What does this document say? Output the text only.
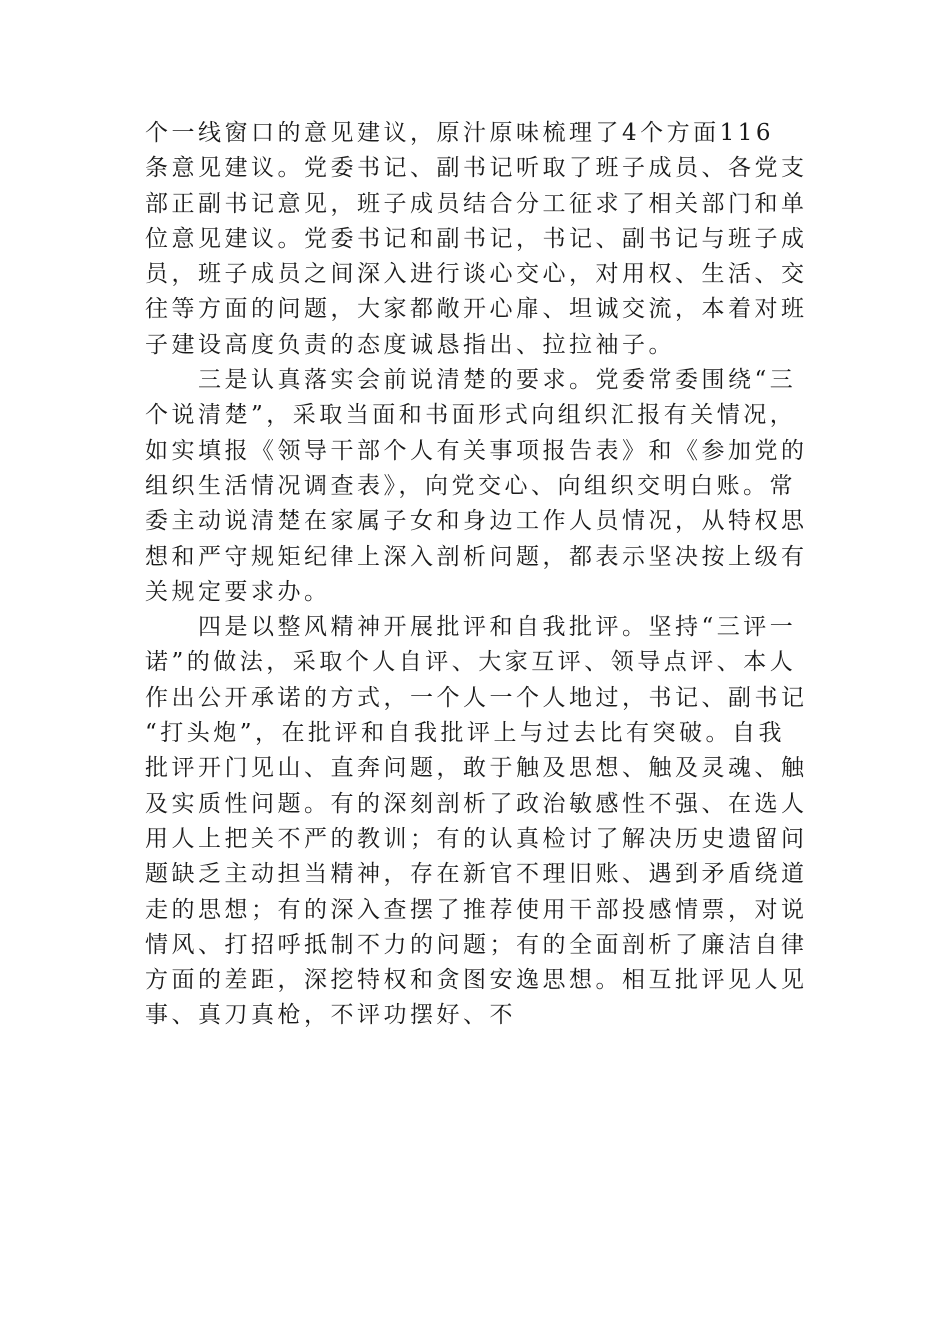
个一线窗口的意见建议，原汁原味梳理了4个方面116
条意见建议。党委书记、副书记听取了班子成员、各党支
部正副书记意见，班子成员结合分工征求了相关部门和单
位意见建议。党委书记和副书记，书记、副书记与班子成
员，班子成员之间深入进行谈心交心，对用权、生活、交
往等方面的问题，大家都敞开心扉、坦诚交流，本着对班
子建设高度负责的态度诚恳指出、拉拉袖子。
三是认真落实会前说清楚的要求。党委常委围绕“三
个说清楚”，采取当面和书面形式向组织汇报有关情况，
如实填报《领导干部个人有关事项报告表》和《参加党的
组织生活情况调查表》，向党交心、向组织交明白账。常
委主动说清楚在家属子女和身边工作人员情况，从特权思
想和严守规矩纪律上深入剖析问题，都表示坚决按上级有
关规定要求办。
四是以整风精神开展批评和自我批评。坚持“三评一
诺”的做法，采取个人自评、大家互评、领导点评、本人
作出公开承诺的方式，一个人一个人地过，书记、副书记
“打头炮”，在批评和自我批评上与过去比有突破。自我
批评开门见山、直奔问题，敢于触及思想、触及灵魂、触
及实质性问题。有的深刻剖析了政治敏感性不强、在选人
用人上把关不严的教训；有的认真检讨了解决历史遗留问
题缺乏主动担当精神，存在新官不理旧账、遇到矛盾绕道
走的思想；有的深入查摆了推荐使用干部投感情票，对说
情风、打招呼抵制不力的问题；有的全面剖析了廉洁自律
方面的差距，深挖特权和贪图安逸思想。相互批评见人见
事、真刀真枪，不评功摆好、不
